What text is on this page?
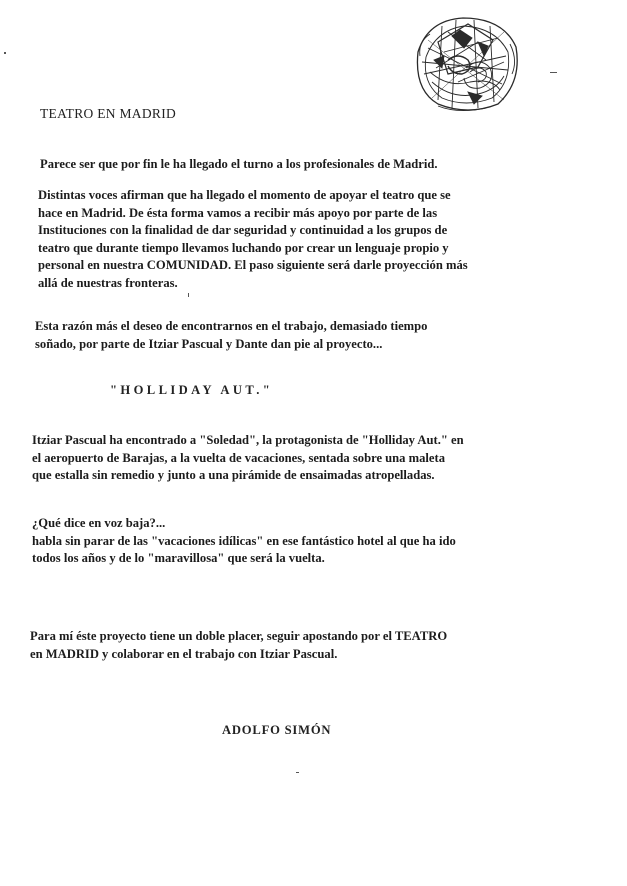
TEATRO EN MADRID

Parece ser que por fin le ha llegado el turno a los profesionales de Madrid.

Distintas voces afirman que ha llegado el momento de apoyar el teatro que se

hace en Madrid. De ésta forma vamos a recibir más apoyo por parte de las

Instituciones con la finalidad de dar seguridad y continuidad a los grupos de

teatro que durante tiempo llevamos luchando por crear un lenguaje propio y

personal en nuestra COMUNIDAD. El paso siguiente será darle proyección más

allá de nuestras fronteras.

Esta razón más el deseo de encontrarnos en el trabajo, demasiado tiempo

soñado, por parte de Itziar Pascual y Dante dan pie al proyecto...

"HOLLIDAY AUT."

Itziar Pascual ha encontrado a "Soledad", la protagonista de "Holliday Aut." en

el aeropuerto de Barajas, a la vuelta de vacaciones, sentada sobre una maleta

que estalla sin remedio y junto a una pirámide de ensaimadas atropelladas.

¿Qué dice en voz baja?...

habla sin parar de las "vacaciones idílicas" en ese fantástico hotel al que ha ido

todos los años y de lo "maravillosa" que será la vuelta.

Para mí éste proyecto tiene un doble placer, seguir apostando por el TEATRO

en MADRID y colaborar en el trabajo con Itziar Pascual.

ADOLFO SIMÓN
